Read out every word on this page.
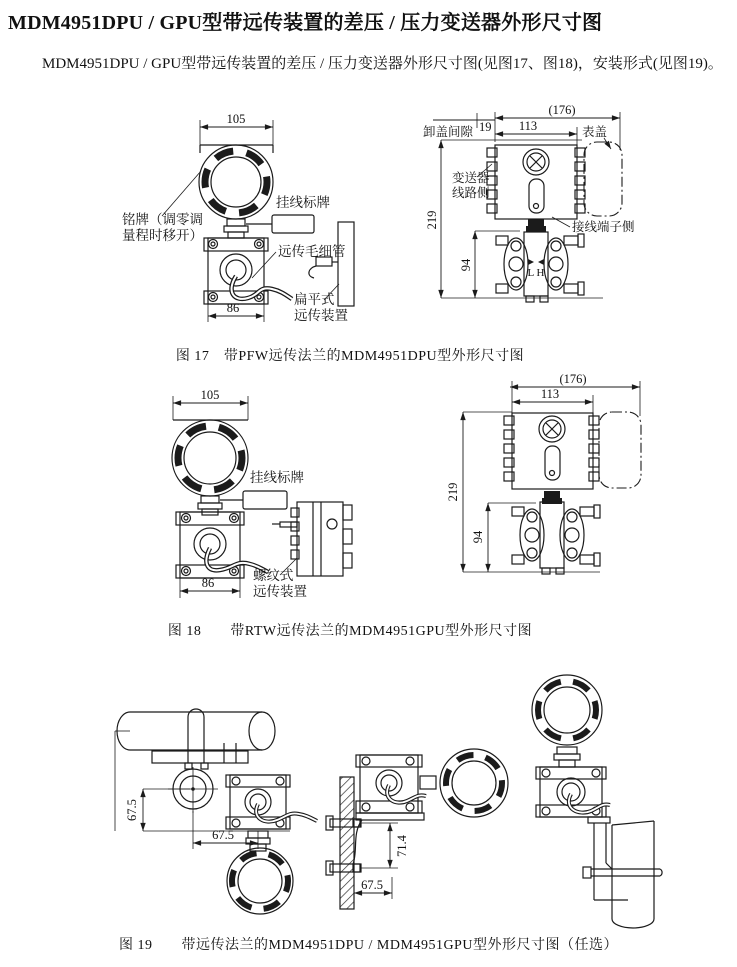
MDM4951DPU / GPU型带远传装置的差压 / 压力变送器外形尺寸图
MDM4951DPU / GPU型带远传装置的差压 / 压力变送器外形尺寸图(见图17、图18)，安装形式(见图19)。
105
86
铭牌（调零调
量程时移开）
挂线标牌
远传毛细管
扁平式
远传装置
19
卸盖间隙
(176)
113	表盖
变送器
线路侧
接线端子侧
219
94
L H
图 17　带PFW远传法兰的MDM4951DPU型外形尺寸图
105
挂线标牌
86	螺纹式
远传装置
(176)
113
219
94
图 18　　带RTW远传法兰的MDM4951GPU型外形尺寸图
67.5
67.5
71.4
67.5
图 19　　带远传法兰的MDM4951DPU / MDM4951GPU型外形尺寸图（任选）
